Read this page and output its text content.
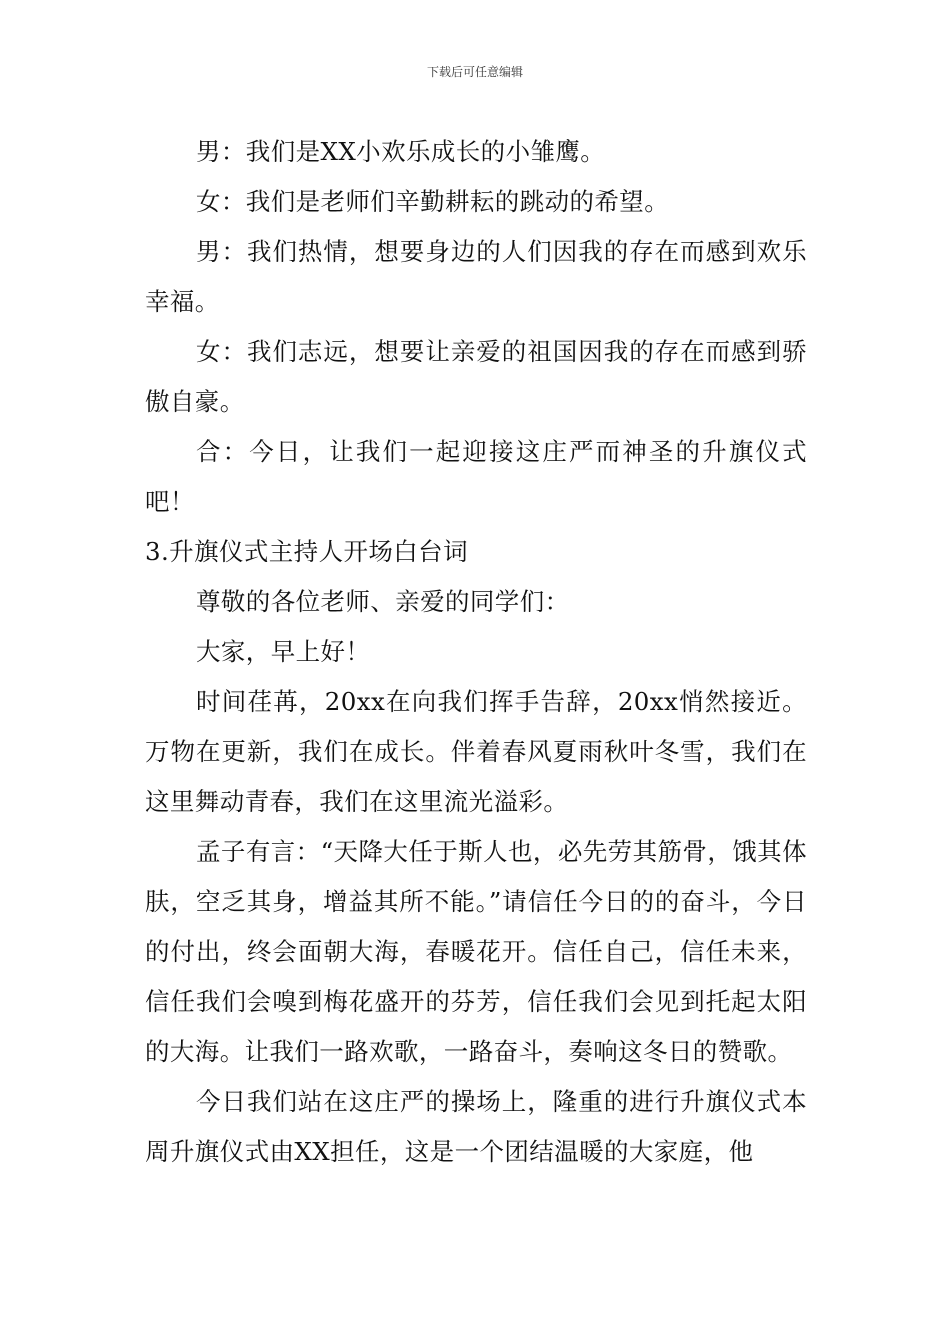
下载后可任意编辑

男：我们是XX小欢乐成长的小雏鹰。

女：我们是老师们辛勤耕耘的跳动的希望。

男：我们热情，想要身边的人们因我的存在而感到欢乐幸福。

女：我们志远，想要让亲爱的祖国因我的存在而感到骄傲自豪。

合：今日，让我们一起迎接这庄严而神圣的升旗仪式吧！

3.升旗仪式主持人开场白台词

尊敬的各位老师、亲爱的同学们：

大家，早上好！

时间荏苒，20xx在向我们挥手告辞，20xx悄然接近。万物在更新，我们在成长。伴着春风夏雨秋叶冬雪，我们在这里舞动青春，我们在这里流光溢彩。

孟子有言：“天降大任于斯人也，必先劳其筋骨，饿其体肤，空乏其身，增益其所不能。”请信任今日的的奋斗，今日的付出，终会面朝大海，春暖花开。信任自己，信任未来，信任我们会嗅到梅花盛开的芬芳，信任我们会见到托起太阳的大海。让我们一路欢歌，一路奋斗，奏响这冬日的赞歌。

今日我们站在这庄严的操场上，隆重的进行升旗仪式本周升旗仪式由XX担任，这是一个团结温暖的大家庭，他
